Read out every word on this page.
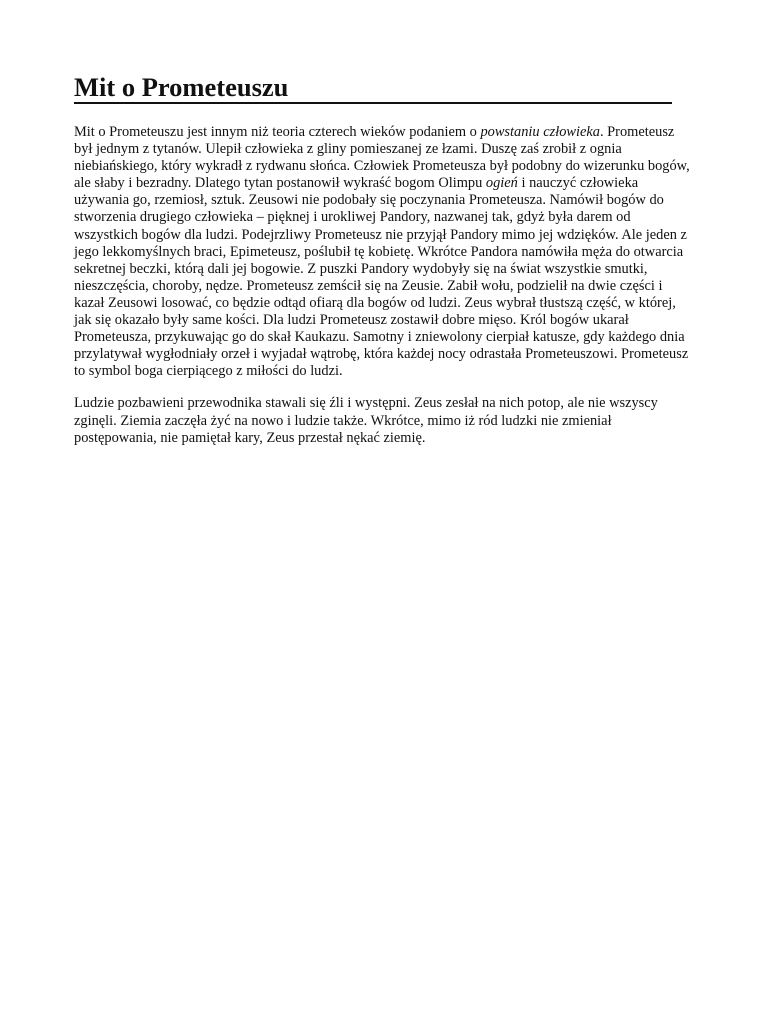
Mit o Prometeuszu

Mit o Prometeuszu jest innym niż teoria czterech wieków podaniem o powstaniu człowieka. Prometeusz był jednym z tytanów. Ulepił człowieka z gliny pomieszanej ze łzami. Duszę zaś zrobił z ognia niebiańskiego, który wykradł z rydwanu słońca. Człowiek Prometeusza był podobny do wizerunku bogów, ale słaby i bezradny. Dlatego tytan postanowił wykraść bogom Olimpu ogień i nauczyć człowieka używania go, rzemiosł, sztuk. Zeusowi nie podobały się poczynania Prometeusza. Namówił bogów do stworzenia drugiego człowieka – pięknej i urokliwej Pandory, nazwanej tak, gdyż była darem od wszystkich bogów dla ludzi. Podejrzliwy Prometeusz nie przyjął Pandory mimo jej wdzięków. Ale jeden z jego lekkomyślnych braci, Epimeteusz, poślubił tę kobietę. Wkrótce Pandora namówiła męża do otwarcia sekretnej beczki, którą dali jej bogowie. Z puszki Pandory wydobyły się na świat wszystkie smutki, nieszczęścia, choroby, nędze. Prometeusz zemścił się na Zeusie. Zabił wołu, podzielił na dwie części i kazał Zeusowi losować, co będzie odtąd ofiarą dla bogów od ludzi. Zeus wybrał tłustszą część, w której, jak się okazało były same kości. Dla ludzi Prometeusz zostawił dobre mięso. Król bogów ukarał Prometeusza, przykuwając go do skał Kaukazu. Samotny i zniewolony cierpiał katusze, gdy każdego dnia przylatywał wygłodniały orzeł i wyjadał wątrobę, która każdej nocy odrastała Prometeuszowi. Prometeusz to symbol boga cierpiącego z miłości do ludzi.

Ludzie pozbawieni przewodnika stawali się źli i występni. Zeus zesłał na nich potop, ale nie wszyscy zginęli. Ziemia zaczęła żyć na nowo i ludzie także. Wkrótce, mimo iż ród ludzki nie zmieniał postępowania, nie pamiętał kary, Zeus przestał nękać ziemię.
